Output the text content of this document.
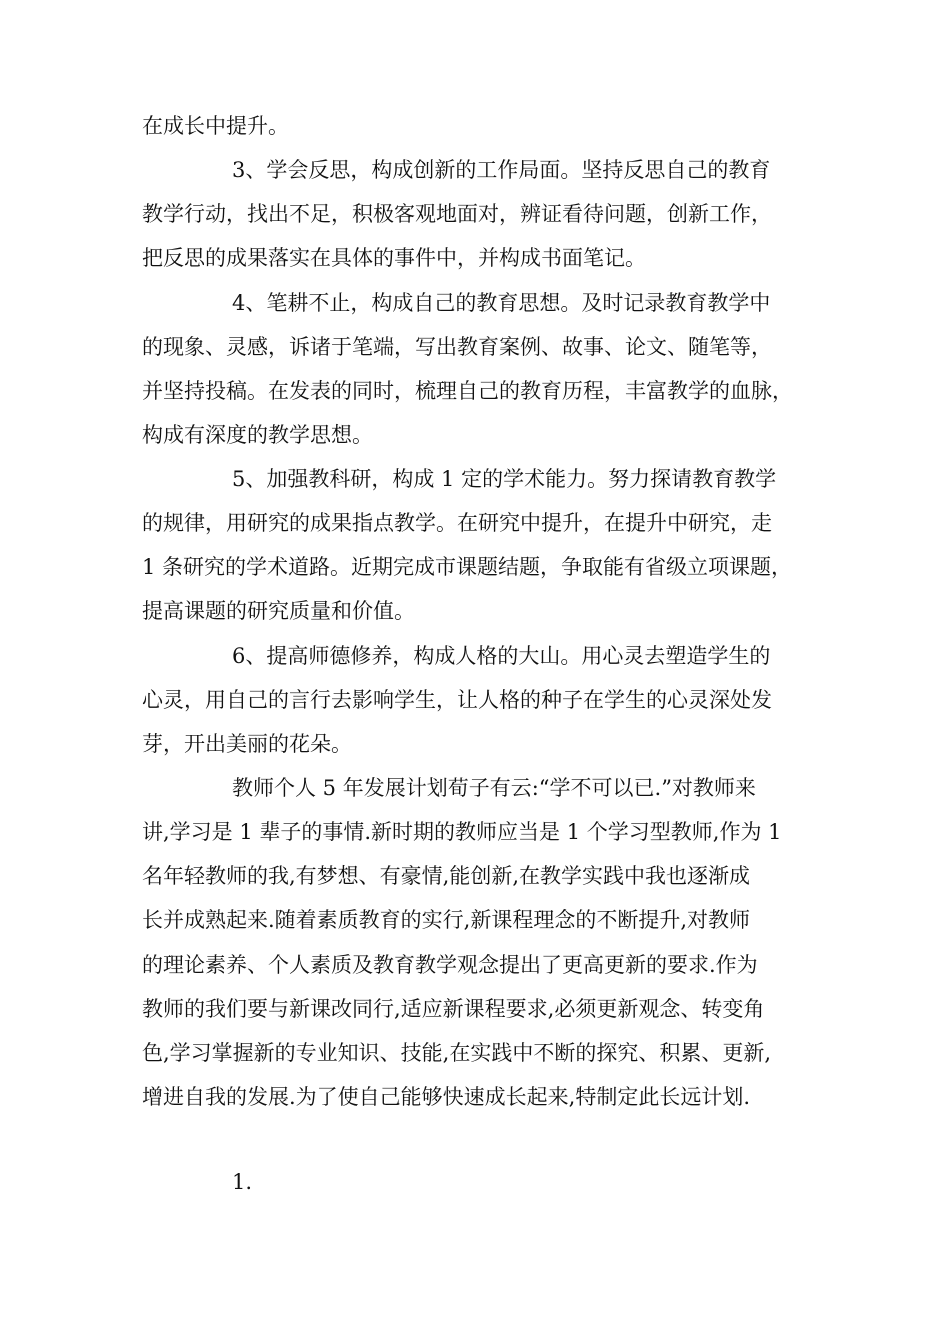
在成长中提升。
3、学会反思，构成创新的工作局面。坚持反思自己的教育
教学行动，找出不足，积极客观地面对，辨证看待问题，创新工作，
把反思的成果落实在具体的事件中，并构成书面笔记。
4、笔耕不止，构成自己的教育思想。及时记录教育教学中
的现象、灵感，诉诸于笔端，写出教育案例、故事、论文、随笔等，
并坚持投稿。在发表的同时，梳理自己的教育历程，丰富教学的血脉，
构成有深度的教学思想。
5、加强教科研，构成 1 定的学术能力。努力探请教育教学
的规律，用研究的成果指点教学。在研究中提升，在提升中研究，走
1 条研究的学术道路。近期完成市课题结题，争取能有省级立项课题，
提高课题的研究质量和价值。
6、提高师德修养，构成人格的大山。用心灵去塑造学生的
心灵，用自己的言行去影响学生，让人格的种子在学生的心灵深处发
芽，开出美丽的花朵。
教师个人 5 年发展计划荀子有云:“学不可以已.”对教师来
讲,学习是 1 辈子的事情.新时期的教师应当是 1 个学习型教师,作为 1
名年轻教师的我,有梦想、有豪情,能创新,在教学实践中我也逐渐成
长并成熟起来.随着素质教育的实行,新课程理念的不断提升,对教师
的理论素养、个人素质及教育教学观念提出了更高更新的要求.作为
教师的我们要与新课改同行,适应新课程要求,必须更新观念、转变角
色,学习掌握新的专业知识、技能,在实践中不断的探究、积累、更新,
增进自我的发展.为了使自己能够快速成长起来,特制定此长远计划.
1.
